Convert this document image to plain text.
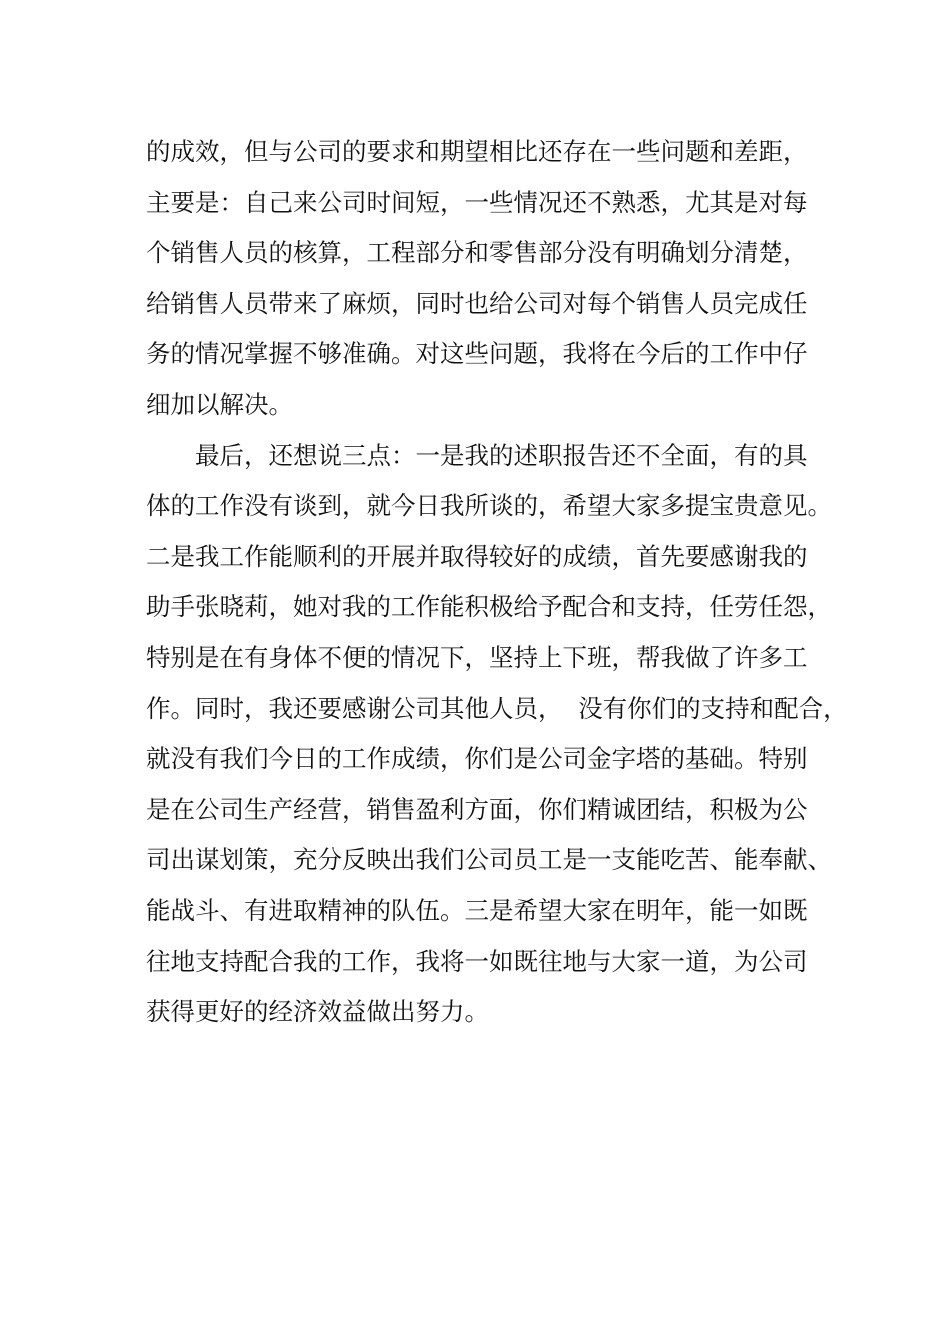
的成效，但与公司的要求和期望相比还存在一些问题和差距，
主要是：自己来公司时间短，一些情况还不熟悉，尤其是对每
个销售人员的核算，工程部分和零售部分没有明确划分清楚，
给销售人员带来了麻烦，同时也给公司对每个销售人员完成任
务的情况掌握不够准确。对这些问题，我将在今后的工作中仔
细加以解决。
　　最后，还想说三点：一是我的述职报告还不全面，有的具
体的工作没有谈到，就今日我所谈的，希望大家多提宝贵意见。
二是我工作能顺利的开展并取得较好的成绩，首先要感谢我的
助手张晓莉，她对我的工作能积极给予配合和支持，任劳任怨，
特别是在有身体不便的情况下，坚持上下班，帮我做了许多工
作。同时，我还要感谢公司其他人员，  没有你们的支持和配合，
就没有我们今日的工作成绩，你们是公司金字塔的基础。特别
是在公司生产经营，销售盈利方面，你们精诚团结，积极为公
司出谋划策，充分反映出我们公司员工是一支能吃苦、能奉献、
能战斗、有进取精神的队伍。三是希望大家在明年，能一如既
往地支持配合我的工作，我将一如既往地与大家一道，为公司
获得更好的经济效益做出努力。
